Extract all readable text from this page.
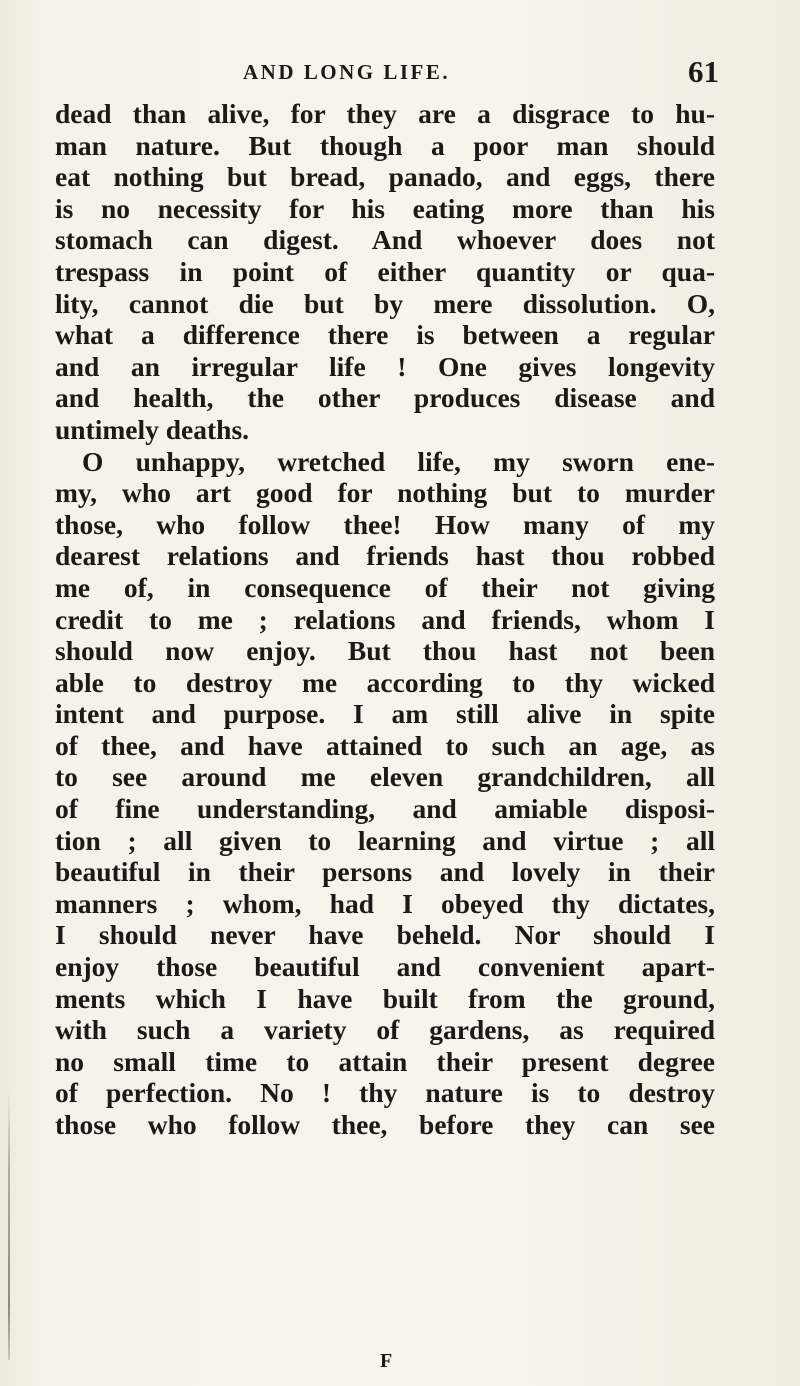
AND LONG LIFE.	61
dead than alive, for they are a disgrace to hu-
man nature. But though a poor man should
eat nothing but bread, panado, and eggs, there
is no necessity for his eating more than his
stomach can digest. And whoever does not
trespass in point of either quantity or qua-
lity, cannot die but by mere dissolution. O,
what a difference there is between a regular
and an irregular life ! One gives longevity
and health, the other produces disease and
untimely deaths.
O unhappy, wretched life, my sworn ene-
my, who art good for nothing but to murder
those, who follow thee! How many of my
dearest relations and friends hast thou robbed
me of, in consequence of their not giving
credit to me ; relations and friends, whom I
should now enjoy. But thou hast not been
able to destroy me according to thy wicked
intent and purpose. I am still alive in spite
of thee, and have attained to such an age, as
to see around me eleven grandchildren, all
of fine understanding, and amiable disposi-
tion ; all given to learning and virtue ; all
beautiful in their persons and lovely in their
manners ; whom, had I obeyed thy dictates,
I should never have beheld. Nor should I
enjoy those beautiful and convenient apart-
ments which I have built from the ground,
with such a variety of gardens, as required
no small time to attain their present degree
of perfection. No ! thy nature is to destroy
those who follow thee, before they can see
F
